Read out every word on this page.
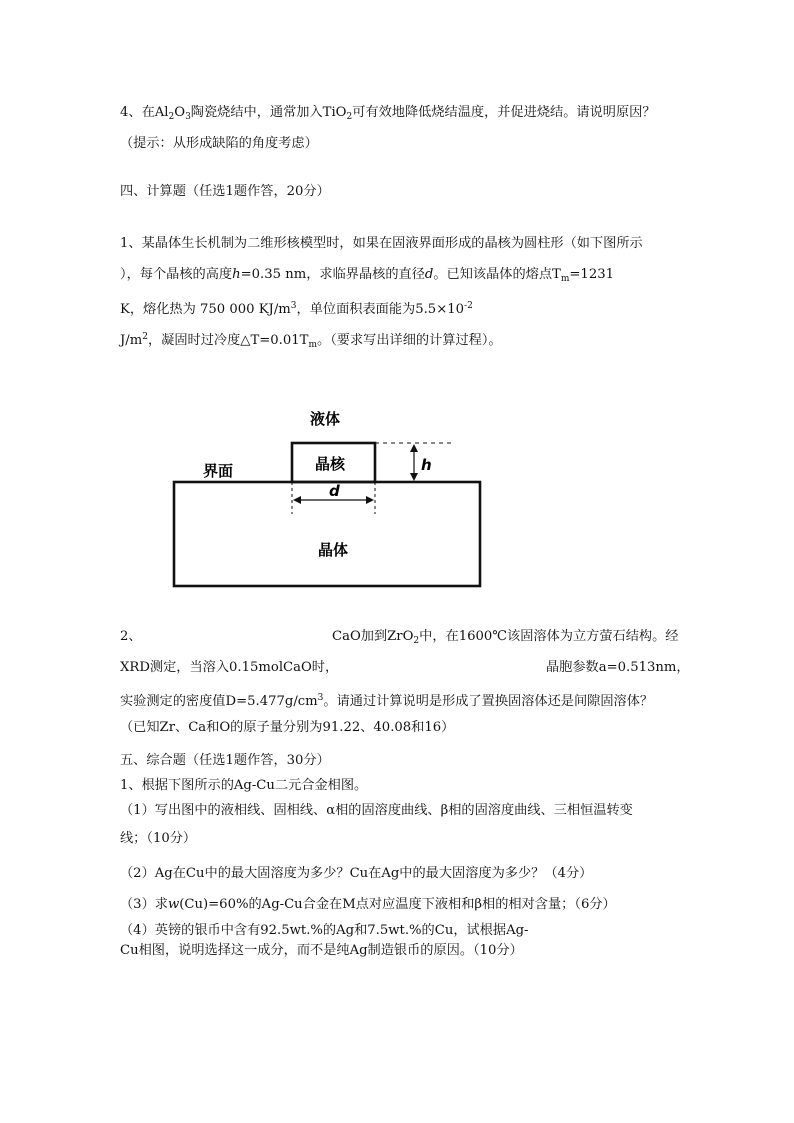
4、在$Al_2O_3$陶瓷烧结中，通常加入TiO$_2$可有效地降低烧结温度，并促进烧结。请说明原因？
（提示：从形成缺陷的角度考虑）
四、计算题（任选1题作答，20分）
1、某晶体生长机制为二维形核模型时，如果在固液界面形成的晶核为圆柱形（如下图所示
），每个晶核的高度h=0.35 nm，求临界晶核的直径d。已知该晶体的熔点$T_m=1231$
K，熔化热为 750 000 $KJ/m^3$，单位面积表面能为$5.5\times 10^{-2}$
$J/m^2$，凝固时过冷度$\triangle T=0.01T_m$。（要求写出详细的计算过程）。
液体
晶核
界面
晶体
h
d
2、	CaO加到ZrO$_2$中，在1600℃该固溶体为立方萤石结构。经
XRD测定，当溶入0.15molCaO时，	晶胞参数a=0.513nm，
实验测定的密度值$D=5.477g/cm^3$。请通过计算说明是形成了置换固溶体还是间隙固溶体？
（已知Zr、Ca和O的原子量分别为91.22、40.08和16）
五、综合题（任选1题作答，30分）
1、根据下图所示的Ag-Cu二元合金相图。
（1）写出图中的液相线、固相线、α相的固溶度曲线、β相的固溶度曲线、三相恒温转变
线；（10分）
（2）Ag在Cu中的最大固溶度为多少？Cu在Ag中的最大固溶度为多少？（4分）
（3）求w(Cu)=60%的Ag-Cu合金在M点对应温度下液相和β相的相对含量；（6分）
（4）英镑的银币中含有92.5wt.%的Ag和7.5wt.%的Cu，试根据Ag-
Cu相图，说明选择这一成分，而不是纯Ag制造银币的原因。（10分）
